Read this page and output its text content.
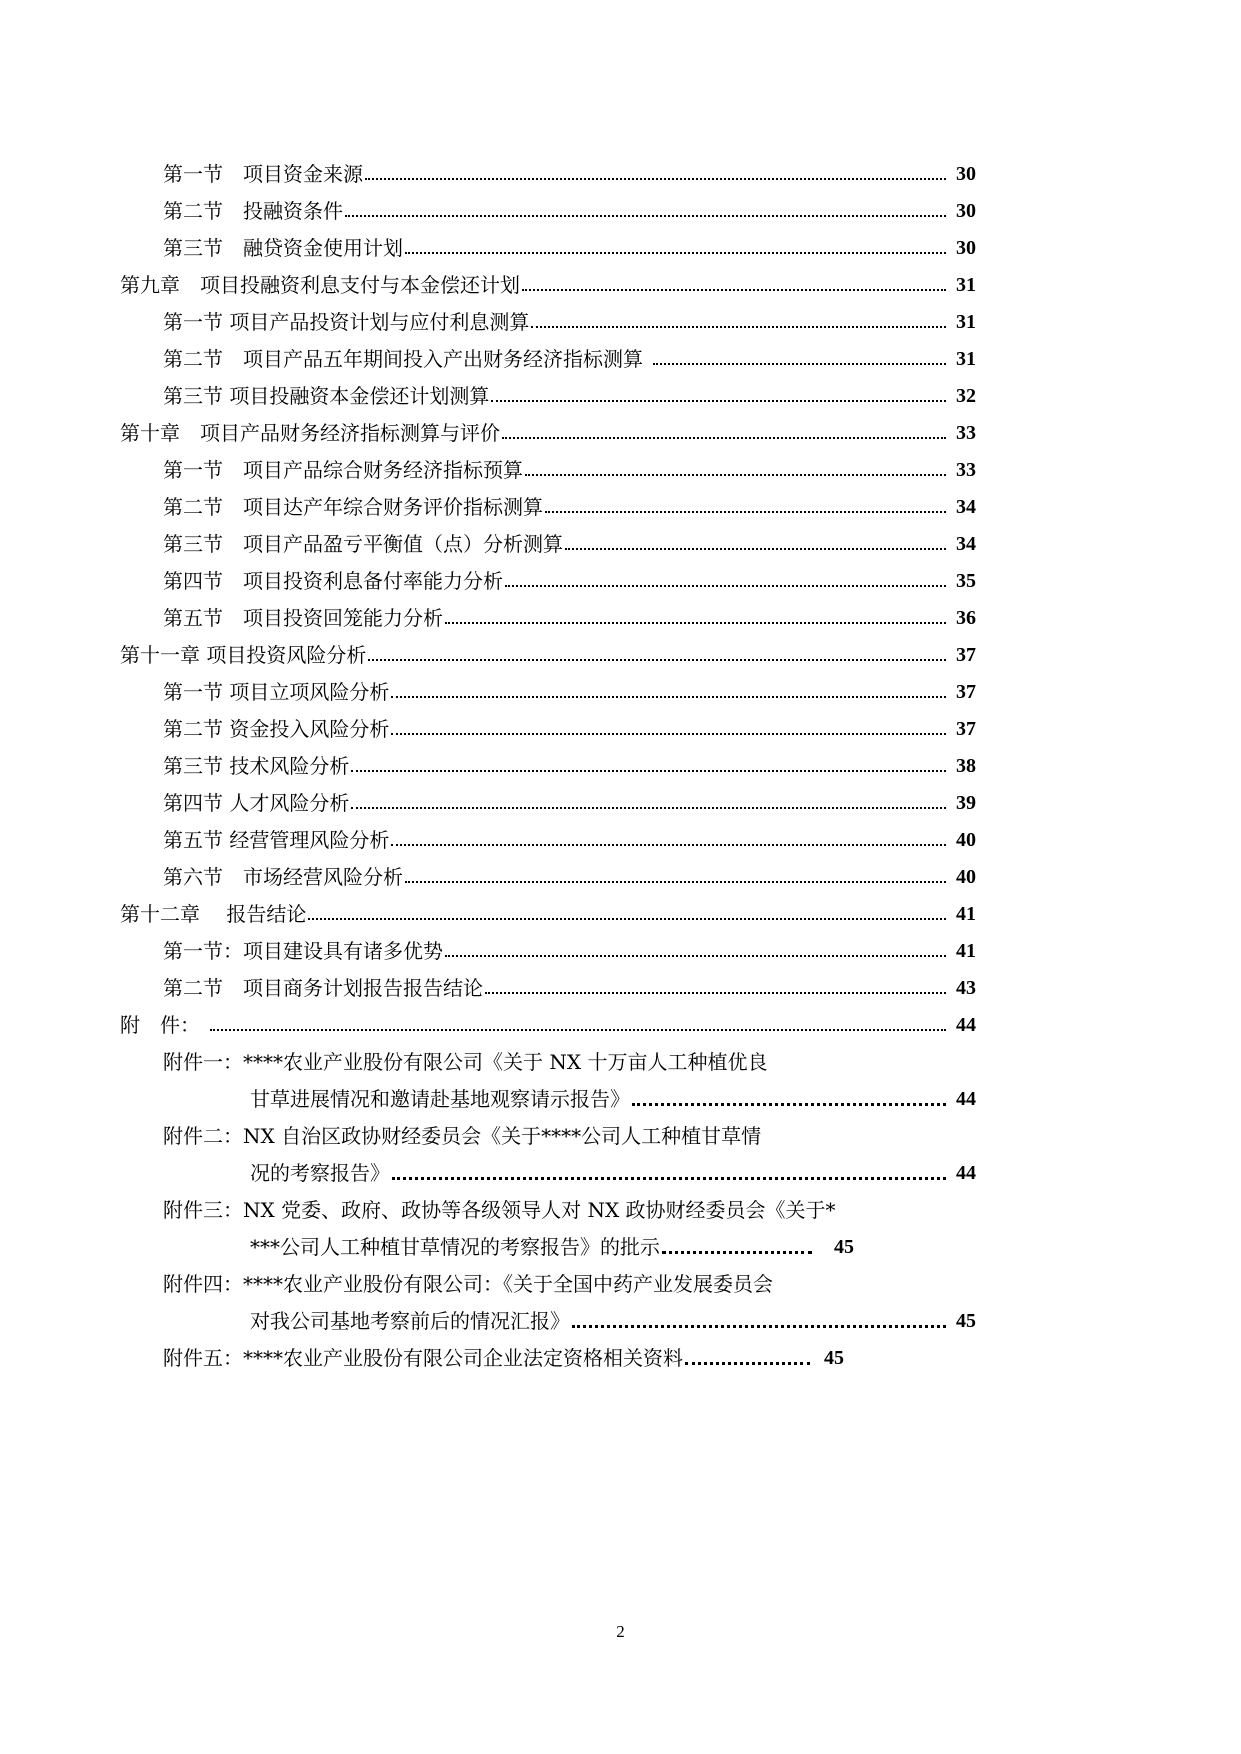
第一节　项目资金来源	30
第二节　投融资条件	30
第三节　融贷资金使用计划	30
第九章　项目投融资利息支付与本金偿还计划	31
第一节 项目产品投资计划与应付利息测算	31
第二节　项目产品五年期间投入产出财务经济指标测算	31
第三节 项目投融资本金偿还计划测算	32
第十章　项目产品财务经济指标测算与评价	33
第一节　项目产品综合财务经济指标预算	33
第二节　项目达产年综合财务评价指标测算	34
第三节　项目产品盈亏平衡值（点）分析测算	34
第四节　项目投资利息备付率能力分析	35
第五节　项目投资回笼能力分析	36
第十一章 项目投资风险分析	37
第一节 项目立项风险分析	37
第二节 资金投入风险分析	37
第三节 技术风险分析	38
第四节 人才风险分析	39
第五节 经营管理风险分析	40
第六节　市场经营风险分析	40
第十二章　 报告结论	41
第一节：项目建设具有诸多优势	41
第二节　项目商务计划报告报告结论	43
附　件：	44
附件一：****农业产业股份有限公司《关于 NX 十万亩人工种植优良
甘草进展情况和邀请赴基地观察请示报告》	44
附件二：NX 自治区政协财经委员会《关于****公司人工种植甘草情
况的考察报告》	44
附件三：NX 党委、政府、政协等各级领导人对 NX 政协财经委员会《关于*
***公司人工种植甘草情况的考察报告》的批示	45
附件四：****农业产业股份有限公司：《关于全国中药产业发展委员会
对我公司基地考察前后的情况汇报》	45
附件五：****农业产业股份有限公司企业法定资格相关资料	45
2
